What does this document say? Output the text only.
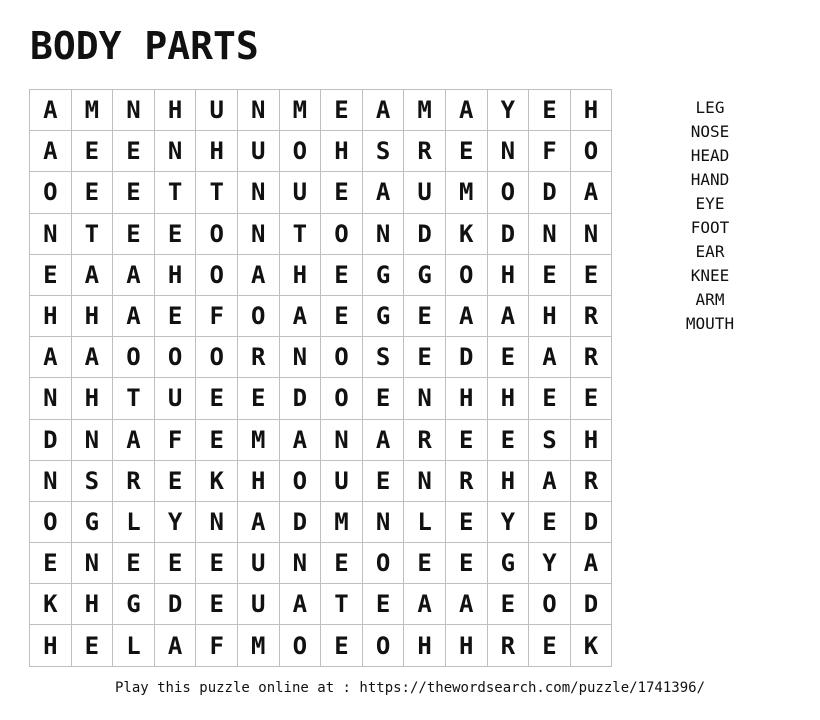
BODY PARTS
A	M	N	H	U	N	M	E	A	M	A	Y	E	H
A	E	E	N	H	U	O	H	S	R	E	N	F	O
O	E	E	T	T	N	U	E	A	U	M	O	D	A
N	T	E	E	O	N	T	O	N	D	K	D	N	N
E	A	A	H	O	A	H	E	G	G	O	H	E	E
H	H	A	E	F	O	A	E	G	E	A	A	H	R
A	A	O	O	O	R	N	O	S	E	D	E	A	R
N	H	T	U	E	E	D	O	E	N	H	H	E	E
D	N	A	F	E	M	A	N	A	R	E	E	S	H
N	S	R	E	K	H	O	U	E	N	R	H	A	R
O	G	L	Y	N	A	D	M	N	L	E	Y	E	D
E	N	E	E	E	U	N	E	O	E	E	G	Y	A
K	H	G	D	E	U	A	T	E	A	A	E	O	D
H	E	L	A	F	M	O	E	O	H	H	R	E	K
LEG
NOSE
HEAD
HAND
EYE
FOOT
EAR
KNEE
ARM
MOUTH
Play this puzzle online at : https://thewordsearch.com/puzzle/1741396/
